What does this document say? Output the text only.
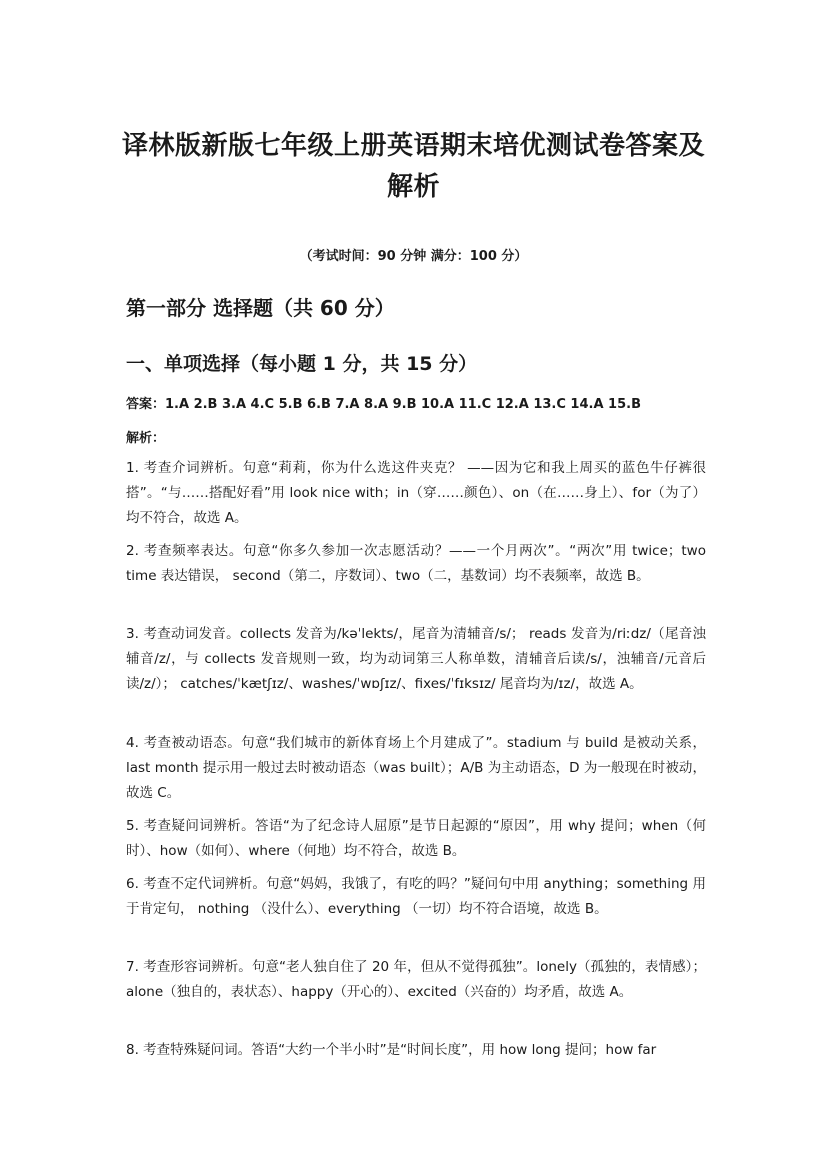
译林版新版七年级上册英语期末培优测试卷答案及解析
（考试时间：90 分钟 满分：100 分）
第一部分 选择题（共 60 分）
一、单项选择（每小题 1 分，共 15 分）
答案：1.A 2.B 3.A 4.C 5.B 6.B 7.A 8.A 9.B 10.A 11.C 12.A 13.C 14.A 15.B
解析：
1. 考查介词辨析。句意“莉莉，你为什么选这件夹克？ ——因为它和我上周买的蓝色牛仔裤很搭”。“与……搭配好看”用 look nice with；in（穿……颜色）、on（在……身上）、for（为了）均不符合，故选 A。
2. 考查频率表达。句意“你多久参加一次志愿活动？——一个月两次”。“两次”用 twice；two time 表达错误， second（第二，序数词）、two（二，基数词）均不表频率，故选 B。
3. 考查动词发音。collects 发音为/kəˈlekts/，尾音为清辅音/s/； reads 发音为/riːdz/（尾音浊辅音/z/，与 collects 发音规则一致，均为动词第三人称单数，清辅音后读/s/，浊辅音/元音后读/z/）； catches/ˈkætʃɪz/、washes/ˈwɒʃɪz/、fixes/ˈfɪksɪz/ 尾音均为/ɪz/，故选 A。
4. 考查被动语态。句意“我们城市的新体育场上个月建成了”。stadium 与 build 是被动关系，last month 提示用一般过去时被动语态（was built）；A/B 为主动语态，D 为一般现在时被动，故选 C。
5. 考查疑问词辨析。答语“为了纪念诗人屈原”是节日起源的“原因”，用 why 提问；when（何时）、how（如何）、where（何地）均不符合，故选 B。
6. 考查不定代词辨析。句意“妈妈，我饿了，有吃的吗？”疑问句中用 anything；something 用于肯定句， nothing （没什么）、everything （一切）均不符合语境，故选 B。
7. 考查形容词辨析。句意“老人独自住了 20 年，但从不觉得孤独”。lonely（孤独的，表情感）；alone（独自的，表状态）、happy（开心的）、excited（兴奋的）均矛盾，故选 A。
8. 考查特殊疑问词。答语“大约一个半小时”是“时间长度”，用 how long 提问；how far
